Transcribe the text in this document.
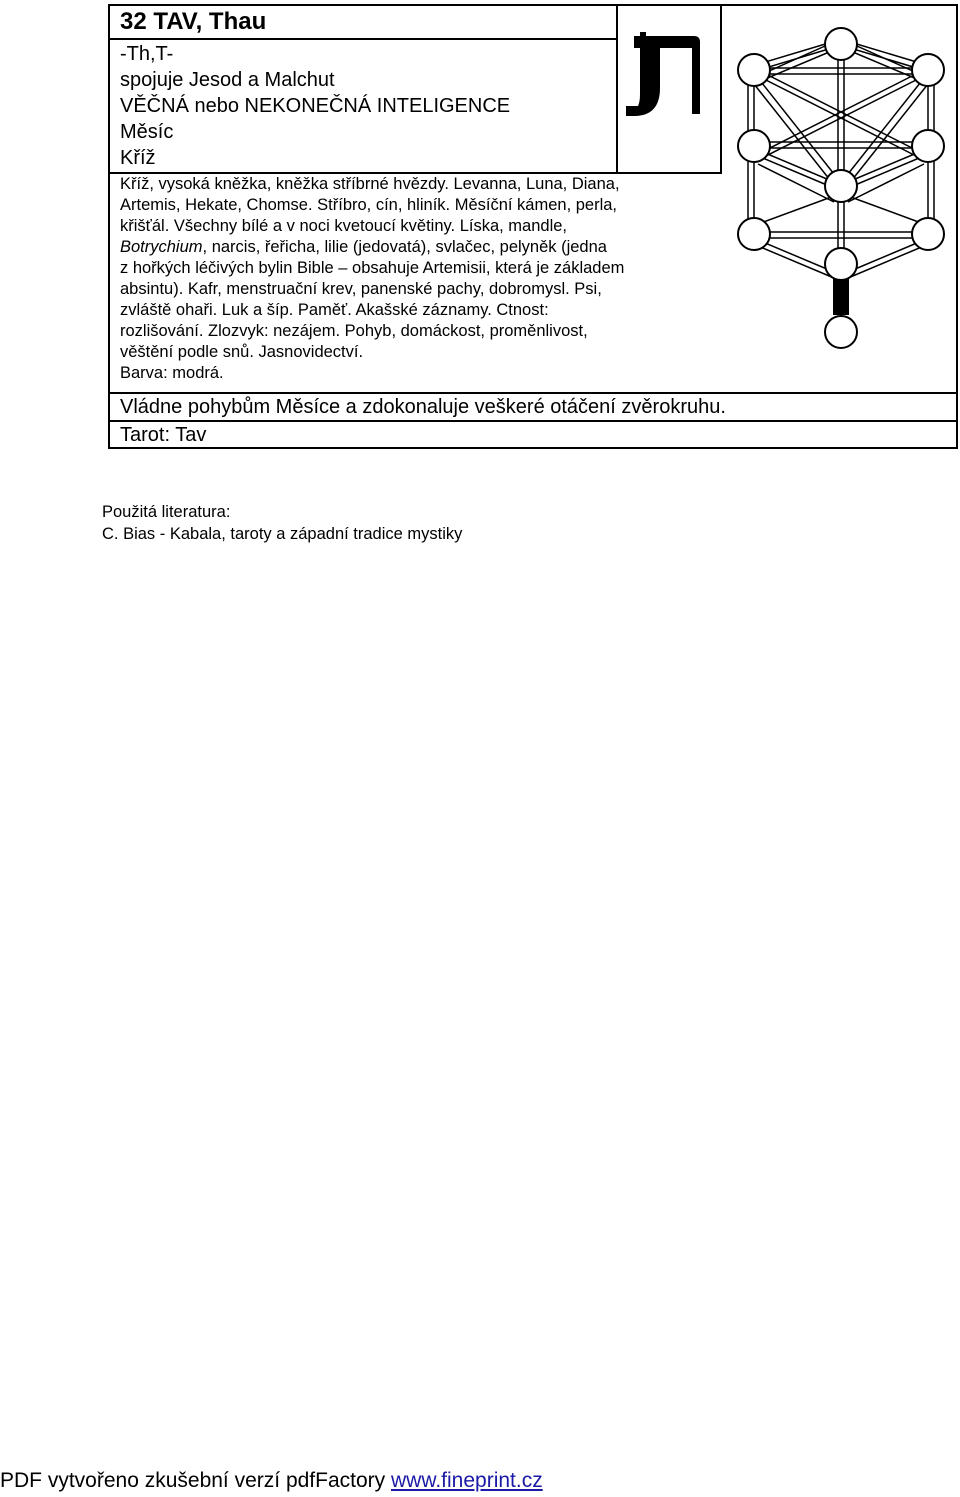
32 TAV, Thau
-Th,T-
spojuje Jesod a Malchut
VĚČNÁ nebo NEKONEČNÁ INTELIGENCE
Měsíc
Kříž
Kříž, vysoká kněžka, kněžka stříbrné hvězdy. Levanna, Luna, Diana,
Artemis, Hekate, Chomse. Stříbro, cín, hliník. Měsíční kámen, perla,
křišťál. Všechny bílé a v noci kvetoucí květiny. Líska, mandle,
Botrychium, narcis, řeřicha, lilie (jedovatá), svlačec, pelyněk (jedna
z hořkých léčivých bylin Bible – obsahuje Artemisii, která je základem
absintu). Kafr, menstruační krev, panenské pachy, dobromysl. Psi,
zvláště ohaři. Luk a šíp. Paměť. Akašské záznamy. Ctnost:
rozlišování. Zlozvyk: nezájem. Pohyb, domáckost, proměnlivost,
věštění podle snů. Jasnovidectví.
Barva: modrá.
Vládne pohybům Měsíce a zdokonaluje veškeré otáčení zvěrokruhu.
Tarot: Tav
Použitá literatura:
C. Bias - Kabala, taroty a západní tradice mystiky
PDF vytvořeno zkušební verzí pdfFactory www.fineprint.cz
